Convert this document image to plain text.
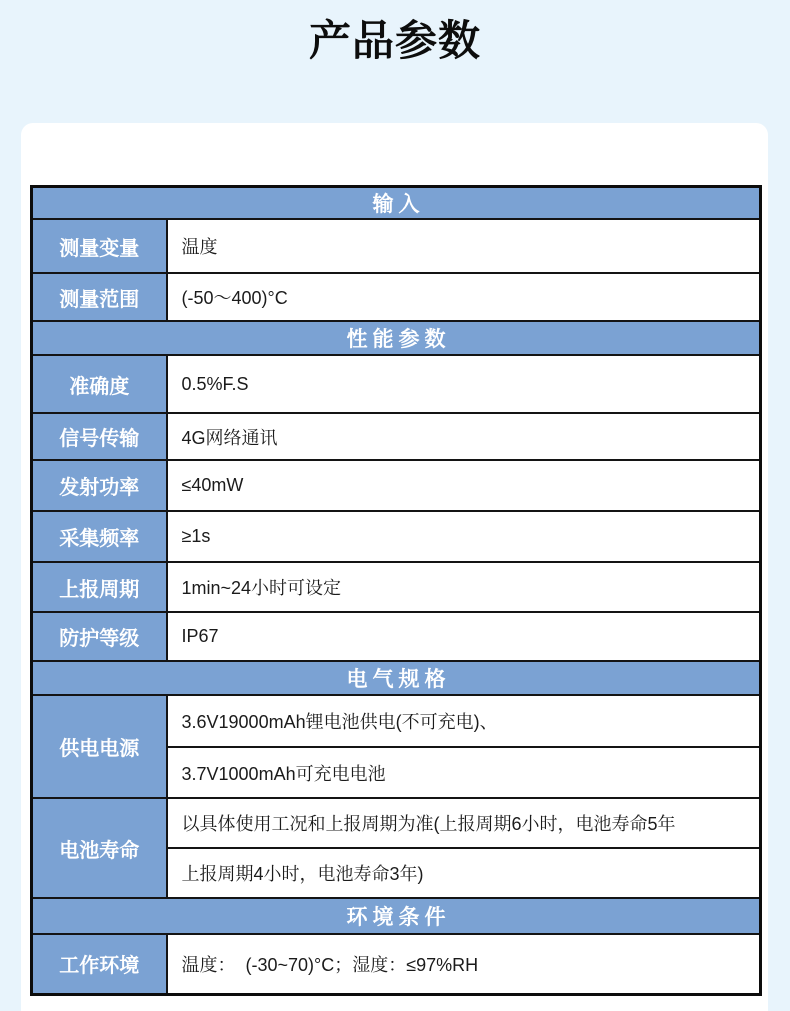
产品参数
输入	
测量变量	温度
测量范围	(-50〜400)°C
性能参数	
准确度	0.5%F.S
信号传输	4G网络通讯
发射功率	≤40mW
采集频率	≥1s
上报周期	1min~24小时可设定
防护等级	IP67
电气规格	
供电电源	3.6V19000mAh锂电池供电(不可充电)、
	3.7V1000mAh可充电电池
电池寿命	以具体使用工况和上报周期为准(上报周期6小时，电池寿命5年
	上报周期4小时，电池寿命3年)
环境条件	
工作环境	温度：  (-30~70)°C；湿度：≤97%RH
